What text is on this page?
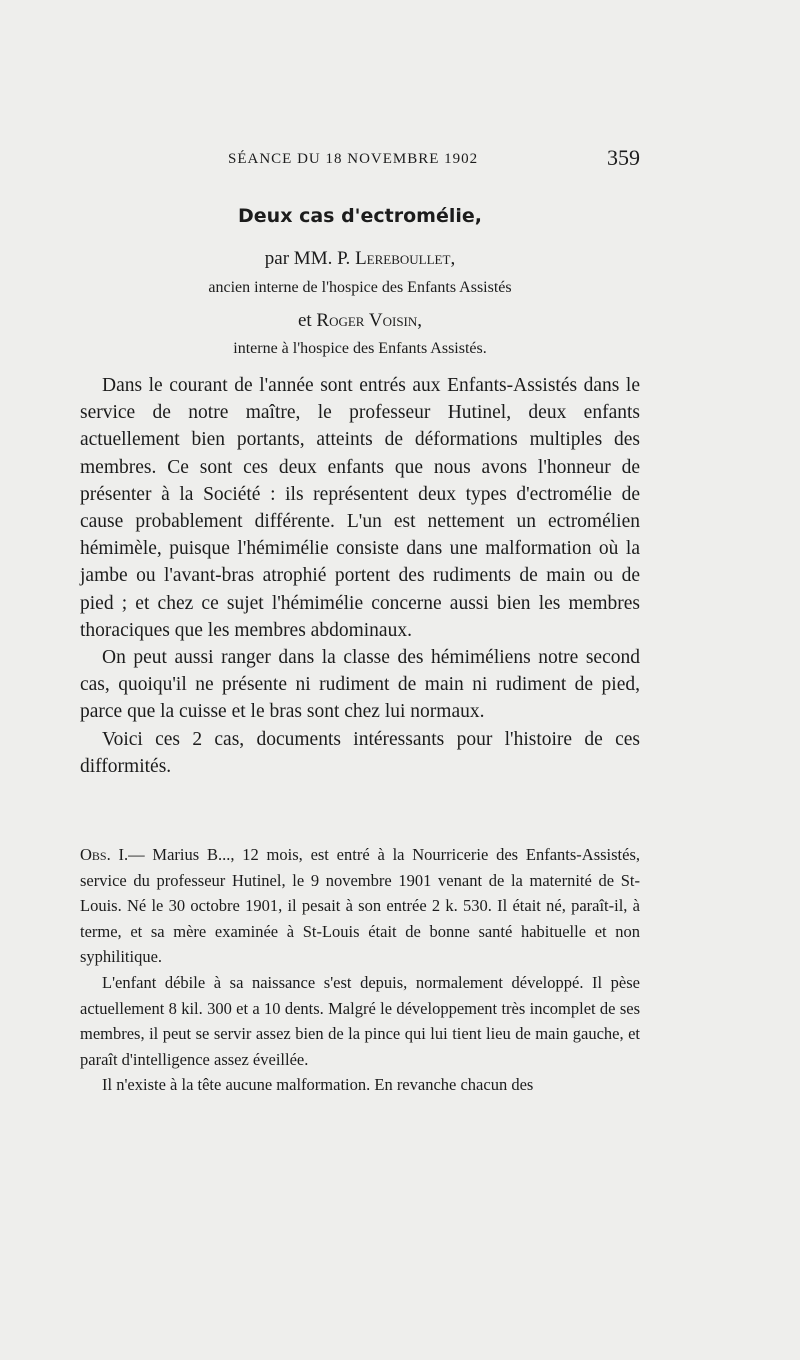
SÉANCE DU 18 NOVEMBRE 1902	359
Deux cas d'ectromélie,
par MM. P. Lereboullet,
ancien interne de l'hospice des Enfants Assistés
et Roger Voisin,
interne à l'hospice des Enfants Assistés.

Dans le courant de l'année sont entrés aux Enfants-Assistés dans le service de notre maître, le professeur Hutinel, deux enfants actuellement bien portants, atteints de déformations multiples des membres. Ce sont ces deux enfants que nous avons l'honneur de présenter à la Société : ils représentent deux types d'ectromélie de cause probablement différente. L'un est nettement un ectromélien hémimèle, puisque l'hémimélie consiste dans une malformation où la jambe ou l'avant-bras atrophié portent des rudiments de main ou de pied ; et chez ce sujet l'hémimélie concerne aussi bien les membres thoraciques que les membres abdominaux.

On peut aussi ranger dans la classe des hémiméliens notre second cas, quoiqu'il ne présente ni rudiment de main ni rudiment de pied, parce que la cuisse et le bras sont chez lui normaux.

Voici ces 2 cas, documents intéressants pour l'histoire de ces difformités.

Obs. I.— Marius B..., 12 mois, est entré à la Nourricerie des Enfants-Assistés, service du professeur Hutinel, le 9 novembre 1901 venant de la maternité de St-Louis. Né le 30 octobre 1901, il pesait à son entrée 2 k. 530. Il était né, paraît-il, à terme, et sa mère examinée à St-Louis était de bonne santé habituelle et non syphilitique.

L'enfant débile à sa naissance s'est depuis, normalement développé. Il pèse actuellement 8 kil. 300 et a 10 dents. Malgré le développement très incomplet de ses membres, il peut se servir assez bien de la pince qui lui tient lieu de main gauche, et paraît d'intelligence assez éveillée.

Il n'existe à la tête aucune malformation. En revanche chacun des
